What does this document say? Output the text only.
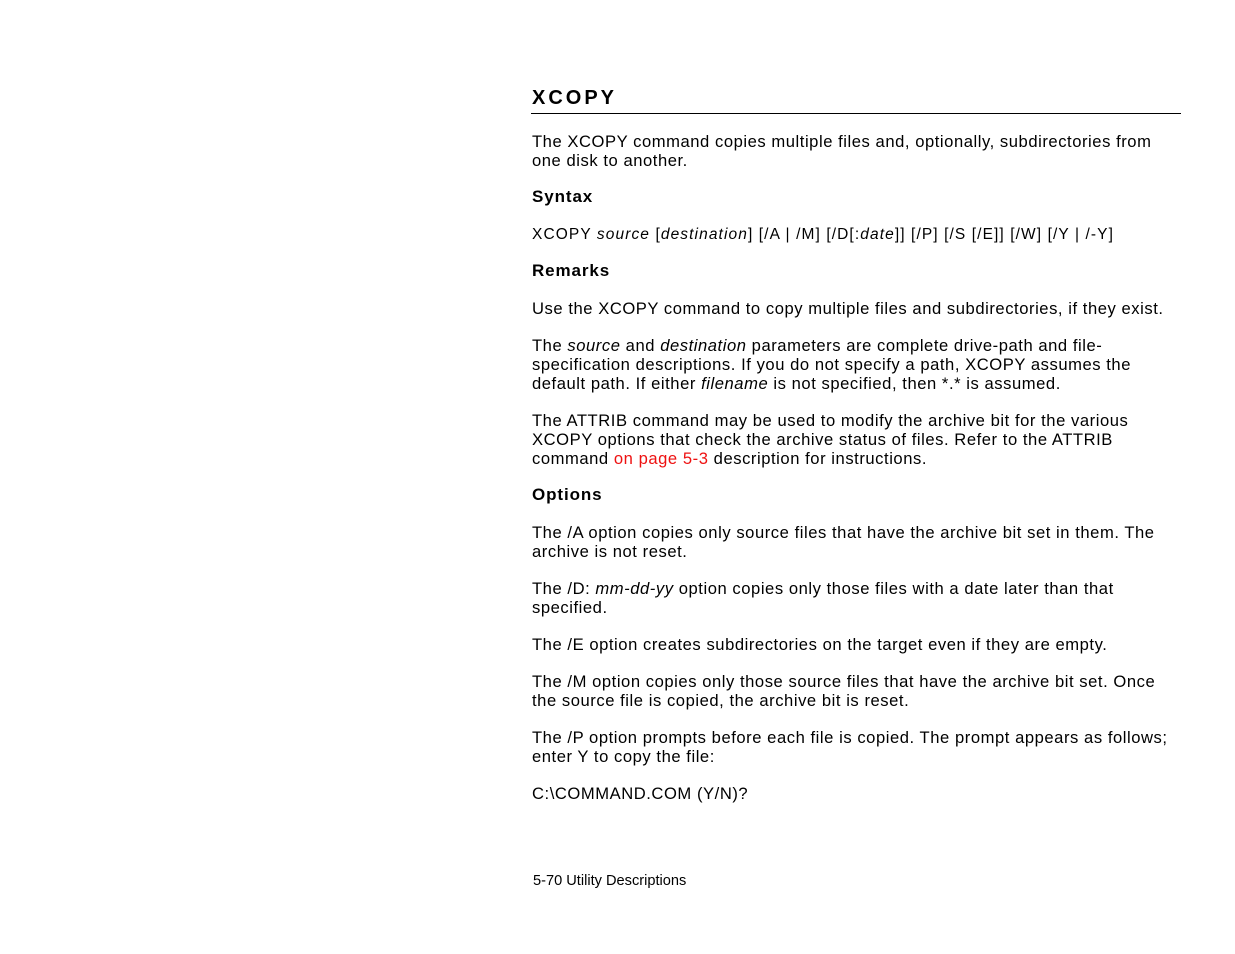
XCOPY

The XCOPY command copies multiple files and, optionally, subdirectories from one disk to another.

Syntax

XCOPY source [destination] [/A | /M] [/D[:date]] [/P] [/S [/E]] [/W] [/Y | /-Y]

Remarks

Use the XCOPY command to copy multiple files and subdirectories, if they exist.

The source and destination parameters are complete drive-path and file-specification descriptions. If you do not specify a path, XCOPY assumes the default path. If either filename is not specified, then *.* is assumed.

The ATTRIB command may be used to modify the archive bit for the various XCOPY options that check the archive status of files. Refer to the ATTRIB command on page 5-3 description for instructions.

Options

The /A option copies only source files that have the archive bit set in them. The archive is not reset.

The /D: mm-dd-yy option copies only those files with a date later than that specified.

The /E option creates subdirectories on the target even if they are empty.

The /M option copies only those source files that have the archive bit set. Once the source file is copied, the archive bit is reset.

The /P option prompts before each file is copied. The prompt appears as follows; enter Y to copy the file:

C:\COMMAND.COM (Y/N)?

5-70 Utility Descriptions
